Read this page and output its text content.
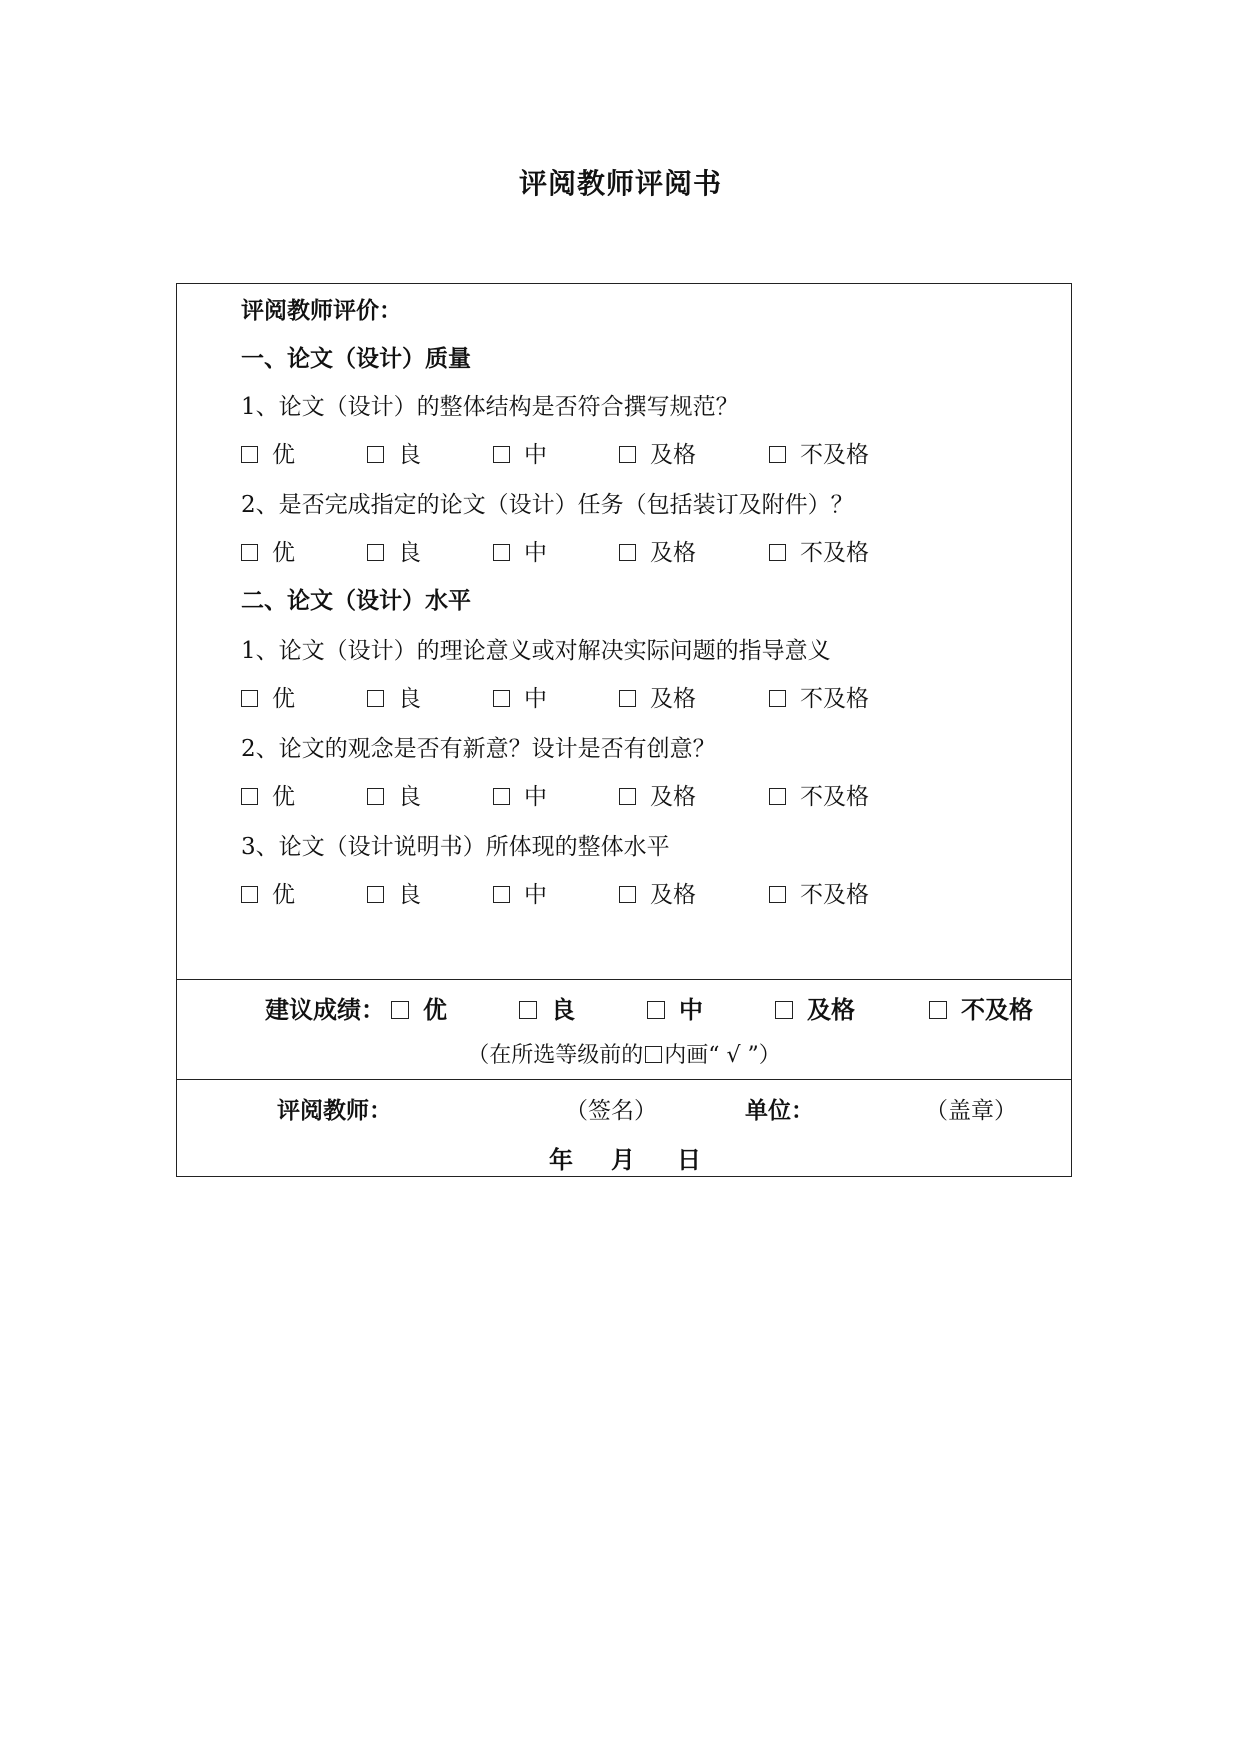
评阅教师评阅书
评阅教师评价：
一、论文（设计）质量
1、论文（设计）的整体结构是否符合撰写规范？
优	良	中	及格	不及格
2、是否完成指定的论文（设计）任务（包括装订及附件）？
优	良	中	及格	不及格
二、论文（设计）水平
1、论文（设计）的理论意义或对解决实际问题的指导意义
优	良	中	及格	不及格
2、论文的观念是否有新意？设计是否有创意？
优	良	中	及格	不及格
3、论文（设计说明书）所体现的整体水平
优	良	中	及格	不及格
建议成绩：	优	良	中	及格	不及格
（在所选等级前的 内画“ √ ”）
评阅教师：	（签名）	单位：	（盖章）
年 月 日
